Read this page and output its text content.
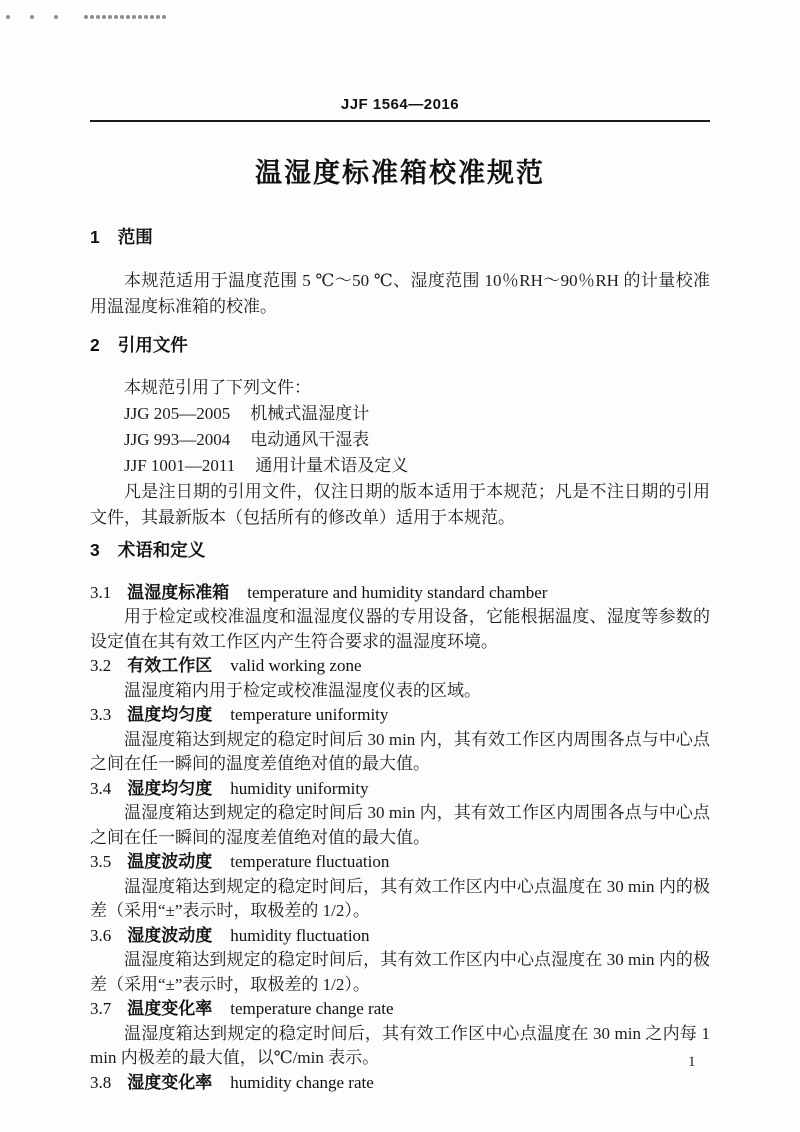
JJF 1564—2016
温湿度标准箱校准规范

1 范围

本规范适用于温度范围 5 ℃～50 ℃、湿度范围 10％RH～90％RH 的计量校准用温湿度标准箱的校准。

2 引用文件

本规范引用了下列文件：

JJG 205—2005 机械式温湿度计

JJG 993—2004 电动通风干湿表

JJF 1001—2011 通用计量术语及定义

凡是注日期的引用文件，仅注日期的版本适用于本规范；凡是不注日期的引用文件，其最新版本（包括所有的修改单）适用于本规范。

3 术语和定义

3.1 温湿度标准箱 temperature and humidity standard chamber

用于检定或校准温度和温湿度仪器的专用设备，它能根据温度、湿度等参数的设定值在其有效工作区内产生符合要求的温湿度环境。

3.2 有效工作区 valid working zone

温湿度箱内用于检定或校准温湿度仪表的区域。

3.3 温度均匀度 temperature uniformity

温湿度箱达到规定的稳定时间后 30 min 内，其有效工作区内周围各点与中心点之间在任一瞬间的温度差值绝对值的最大值。

3.4 湿度均匀度 humidity uniformity

温湿度箱达到规定的稳定时间后 30 min 内，其有效工作区内周围各点与中心点之间在任一瞬间的湿度差值绝对值的最大值。

3.5 温度波动度 temperature fluctuation

温湿度箱达到规定的稳定时间后，其有效工作区内中心点温度在 30 min 内的极差（采用“±”表示时，取极差的 1/2）。

3.6 湿度波动度 humidity fluctuation

温湿度箱达到规定的稳定时间后，其有效工作区内中心点湿度在 30 min 内的极差（采用“±”表示时，取极差的 1/2）。

3.7 温度变化率 temperature change rate

温湿度箱达到规定的稳定时间后，其有效工作区中心点温度在 30 min 之内每 1 min 内极差的最大值，以℃/min 表示。

3.8 湿度变化率 humidity change rate

1
